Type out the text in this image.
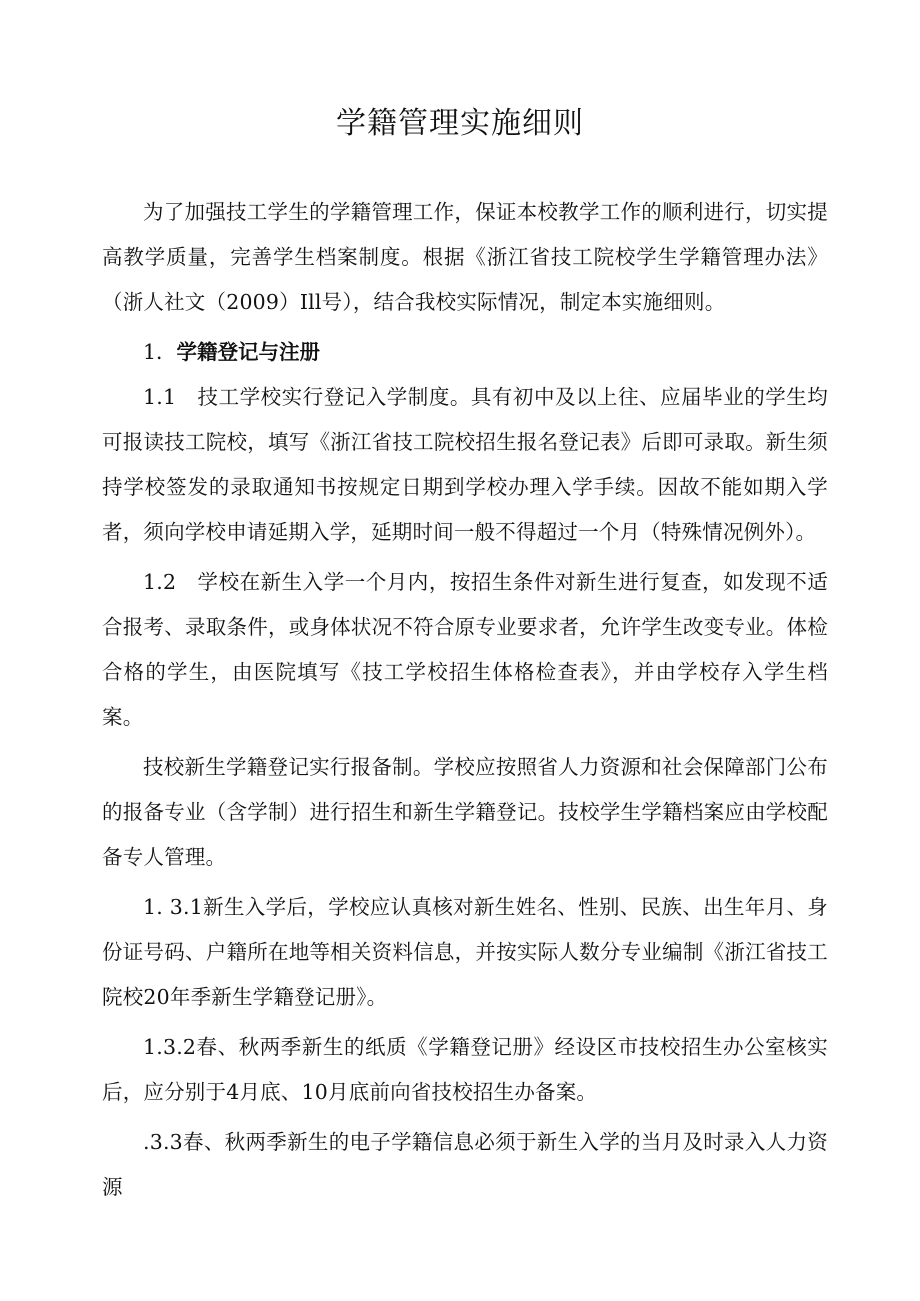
学籍管理实施细则

为了加强技工学生的学籍管理工作，保证本校教学工作的顺利进行，切实提高教学质量，完善学生档案制度。根据《浙江省技工院校学生学籍管理办法》（浙人社文（2009）Ill号），结合我校实际情况，制定本实施细则。

1．学籍登记与注册

1.1　技工学校实行登记入学制度。具有初中及以上往、应届毕业的学生均可报读技工院校，填写《浙江省技工院校招生报名登记表》后即可录取。新生须持学校签发的录取通知书按规定日期到学校办理入学手续。因故不能如期入学者，须向学校申请延期入学，延期时间一般不得超过一个月（特殊情况例外）。

1.2　学校在新生入学一个月内，按招生条件对新生进行复查，如发现不适合报考、录取条件，或身体状况不符合原专业要求者，允许学生改变专业。体检合格的学生，由医院填写《技工学校招生体格检查表》，并由学校存入学生档案。

技校新生学籍登记实行报备制。学校应按照省人力资源和社会保障部门公布的报备专业（含学制）进行招生和新生学籍登记。技校学生学籍档案应由学校配备专人管理。

1. 3.1新生入学后，学校应认真核对新生姓名、性别、民族、出生年月、身份证号码、户籍所在地等相关资料信息，并按实际人数分专业编制《浙江省技工院校20年季新生学籍登记册》。

1.3.2春、秋两季新生的纸质《学籍登记册》经设区市技校招生办公室核实后，应分别于4月底、10月底前向省技校招生办备案。

.3.3春、秋两季新生的电子学籍信息必须于新生入学的当月及时录入人力资源
